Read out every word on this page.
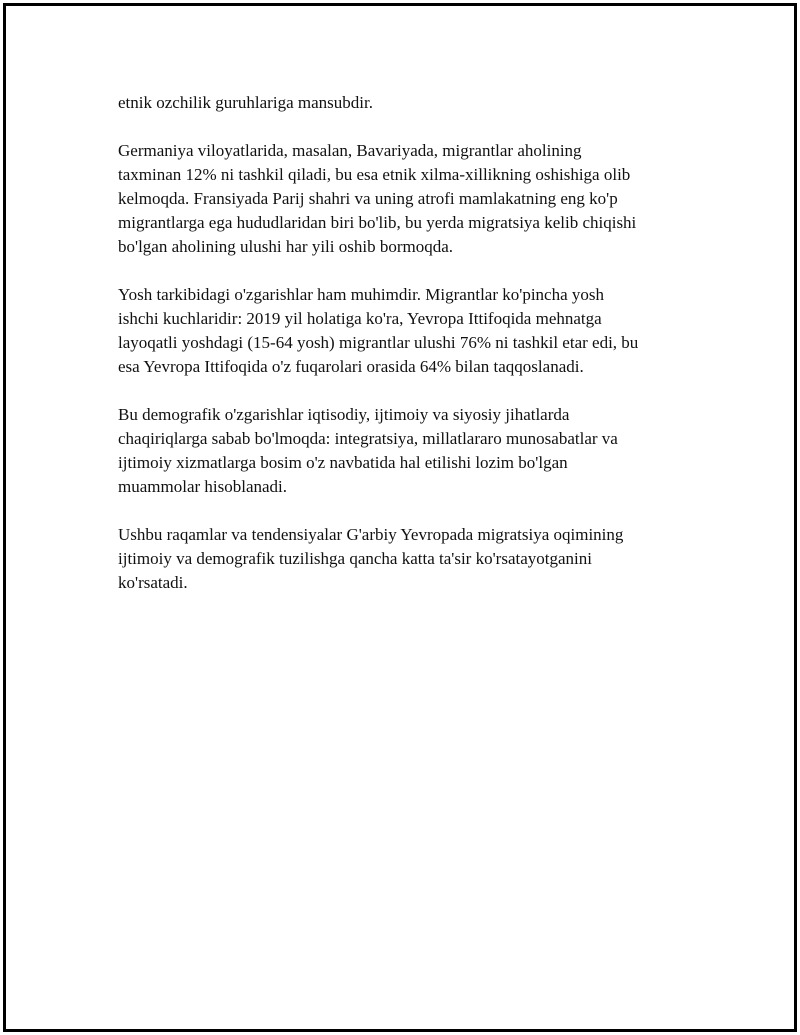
etnik ozchilik guruhlariga mansubdir.

Germaniya viloyatlarida, masalan, Bavariyada, migrantlar aholining
taxminan 12% ni tashkil qiladi, bu esa etnik xilma-xillikning oshishiga olib
kelmoqda. Fransiyada Parij shahri va uning atrofi mamlakatning eng ko'p
migrantlarga ega hududlaridan biri bo'lib, bu yerda migratsiya kelib chiqishi
bo'lgan aholining ulushi har yili oshib bormoqda.

Yosh tarkibidagi o'zgarishlar ham muhimdir. Migrantlar ko'pincha yosh
ishchi kuchlaridir: 2019 yil holatiga ko'ra, Yevropa Ittifoqida mehnatga
layoqatli yoshdagi (15-64 yosh) migrantlar ulushi 76% ni tashkil etar edi, bu
esa Yevropa Ittifoqida o'z fuqarolari orasida 64% bilan taqqoslanadi.

Bu demografik o'zgarishlar iqtisodiy, ijtimoiy va siyosiy jihatlarda
chaqiriqlarga sabab bo'lmoqda: integratsiya, millatlararo munosabatlar va
ijtimoiy xizmatlarga bosim o'z navbatida hal etilishi lozim bo'lgan
muammolar hisoblanadi.

Ushbu raqamlar va tendensiyalar G'arbiy Yevropada migratsiya oqimining
ijtimoiy va demografik tuzilishga qancha katta ta'sir ko'rsatayotganini
ko'rsatadi.
